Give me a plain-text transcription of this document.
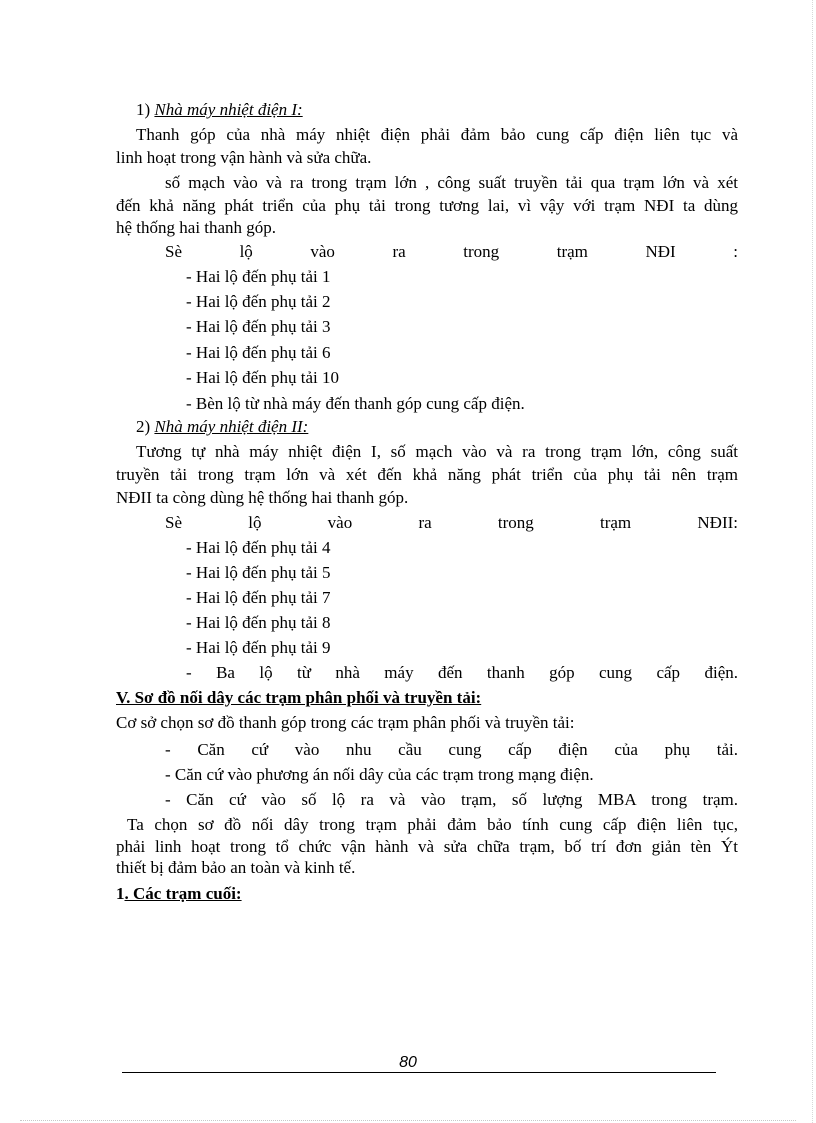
1) Nhà máy nhiệt điện I:
Thanh góp của nhà máy nhiệt điện phải đảm bảo cung cấp điện liên tục và
linh hoạt trong vận hành và sửa chữa.
số mạch vào và ra trong trạm lớn , công suất truyền tải qua trạm lớn và xét
đến khả năng phát triển của phụ tải trong tương lai, vì vậy với trạm NĐI ta dùng
hệ thống hai thanh góp.
Sè lộ vào ra trong trạm NĐI :
- Hai lộ đến phụ tải 1
- Hai lộ đến phụ tải 2
- Hai lộ đến phụ tải 3
- Hai lộ đến phụ tải 6
- Hai lộ đến phụ tải 10
- Bèn lộ từ nhà máy đến thanh góp cung cấp điện.
2) Nhà máy nhiệt điện II:
Tương tự nhà máy nhiệt điện I, số mạch vào và ra trong trạm lớn, công suất
truyền tải trong trạm lớn và xét đến khả năng phát triển của phụ tải nên trạm
NĐII ta còng dùng hệ thống hai thanh góp.
Sè lộ vào ra trong trạm NĐII:
- Hai lộ đến phụ tải 4
- Hai lộ đến phụ tải 5
- Hai lộ đến phụ tải 7
- Hai lộ đến phụ tải 8
- Hai lộ đến phụ tải 9
- Ba lộ từ nhà máy đến thanh góp cung cấp điện.
V. Sơ đồ nối dây các trạm phân phối và truyền tải:
Cơ sở chọn sơ đồ thanh góp trong các trạm phân phối và truyền tải:
- Căn cứ vào nhu cầu cung cấp điện của phụ tải.
- Căn cứ vào phương án nối dây của các trạm trong mạng điện.
- Căn cứ vào số lộ ra và vào trạm, số lượng MBA trong trạm.
Ta chọn sơ đồ nối dây trong trạm phải đảm bảo tính cung cấp điện liên tục,
phải linh hoạt trong tổ chức vận hành và sửa chữa trạm, bố trí đơn giản tèn Ýt
thiết bị đảm bảo an toàn và kinh tế.
1. Các trạm cuối:
80
